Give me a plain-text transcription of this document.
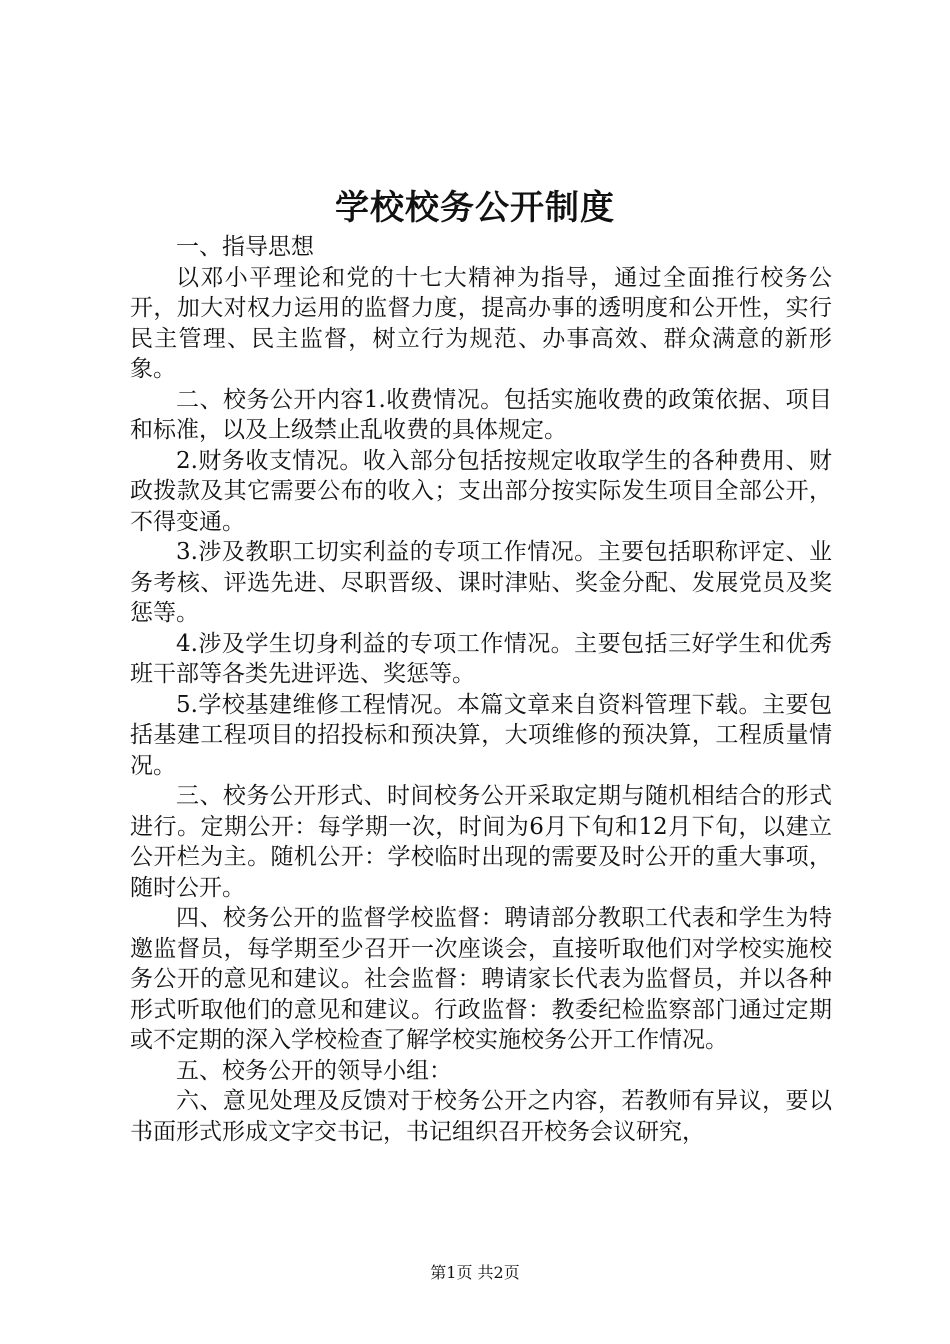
学校校务公开制度

一、指导思想

以邓小平理论和党的十七大精神为指导，通过全面推行校务公开，加大对权力运用的监督力度，提高办事的透明度和公开性，实行民主管理、民主监督，树立行为规范、办事高效、群众满意的新形象。

二、校务公开内容1.收费情况。包括实施收费的政策依据、项目和标准，以及上级禁止乱收费的具体规定。

2.财务收支情况。收入部分包括按规定收取学生的各种费用、财政拨款及其它需要公布的收入；支出部分按实际发生项目全部公开，不得变通。

3.涉及教职工切实利益的专项工作情况。主要包括职称评定、业务考核、评选先进、尽职晋级、课时津贴、奖金分配、发展党员及奖惩等。

4.涉及学生切身利益的专项工作情况。主要包括三好学生和优秀班干部等各类先进评选、奖惩等。

5.学校基建维修工程情况。本篇文章来自资料管理下载。主要包括基建工程项目的招投标和预决算，大项维修的预决算，工程质量情况。

三、校务公开形式、时间校务公开采取定期与随机相结合的形式进行。定期公开：每学期一次，时间为6月下旬和12月下旬，以建立公开栏为主。随机公开：学校临时出现的需要及时公开的重大事项，随时公开。

四、校务公开的监督学校监督：聘请部分教职工代表和学生为特邀监督员，每学期至少召开一次座谈会，直接听取他们对学校实施校务公开的意见和建议。社会监督：聘请家长代表为监督员，并以各种形式听取他们的意见和建议。行政监督：教委纪检监察部门通过定期或不定期的深入学校检查了解学校实施校务公开工作情况。

五、校务公开的领导小组：

六、意见处理及反馈对于校务公开之内容，若教师有异议，要以书面形式形成文字交书记，书记组织召开校务会议研究，

第1页 共2页
